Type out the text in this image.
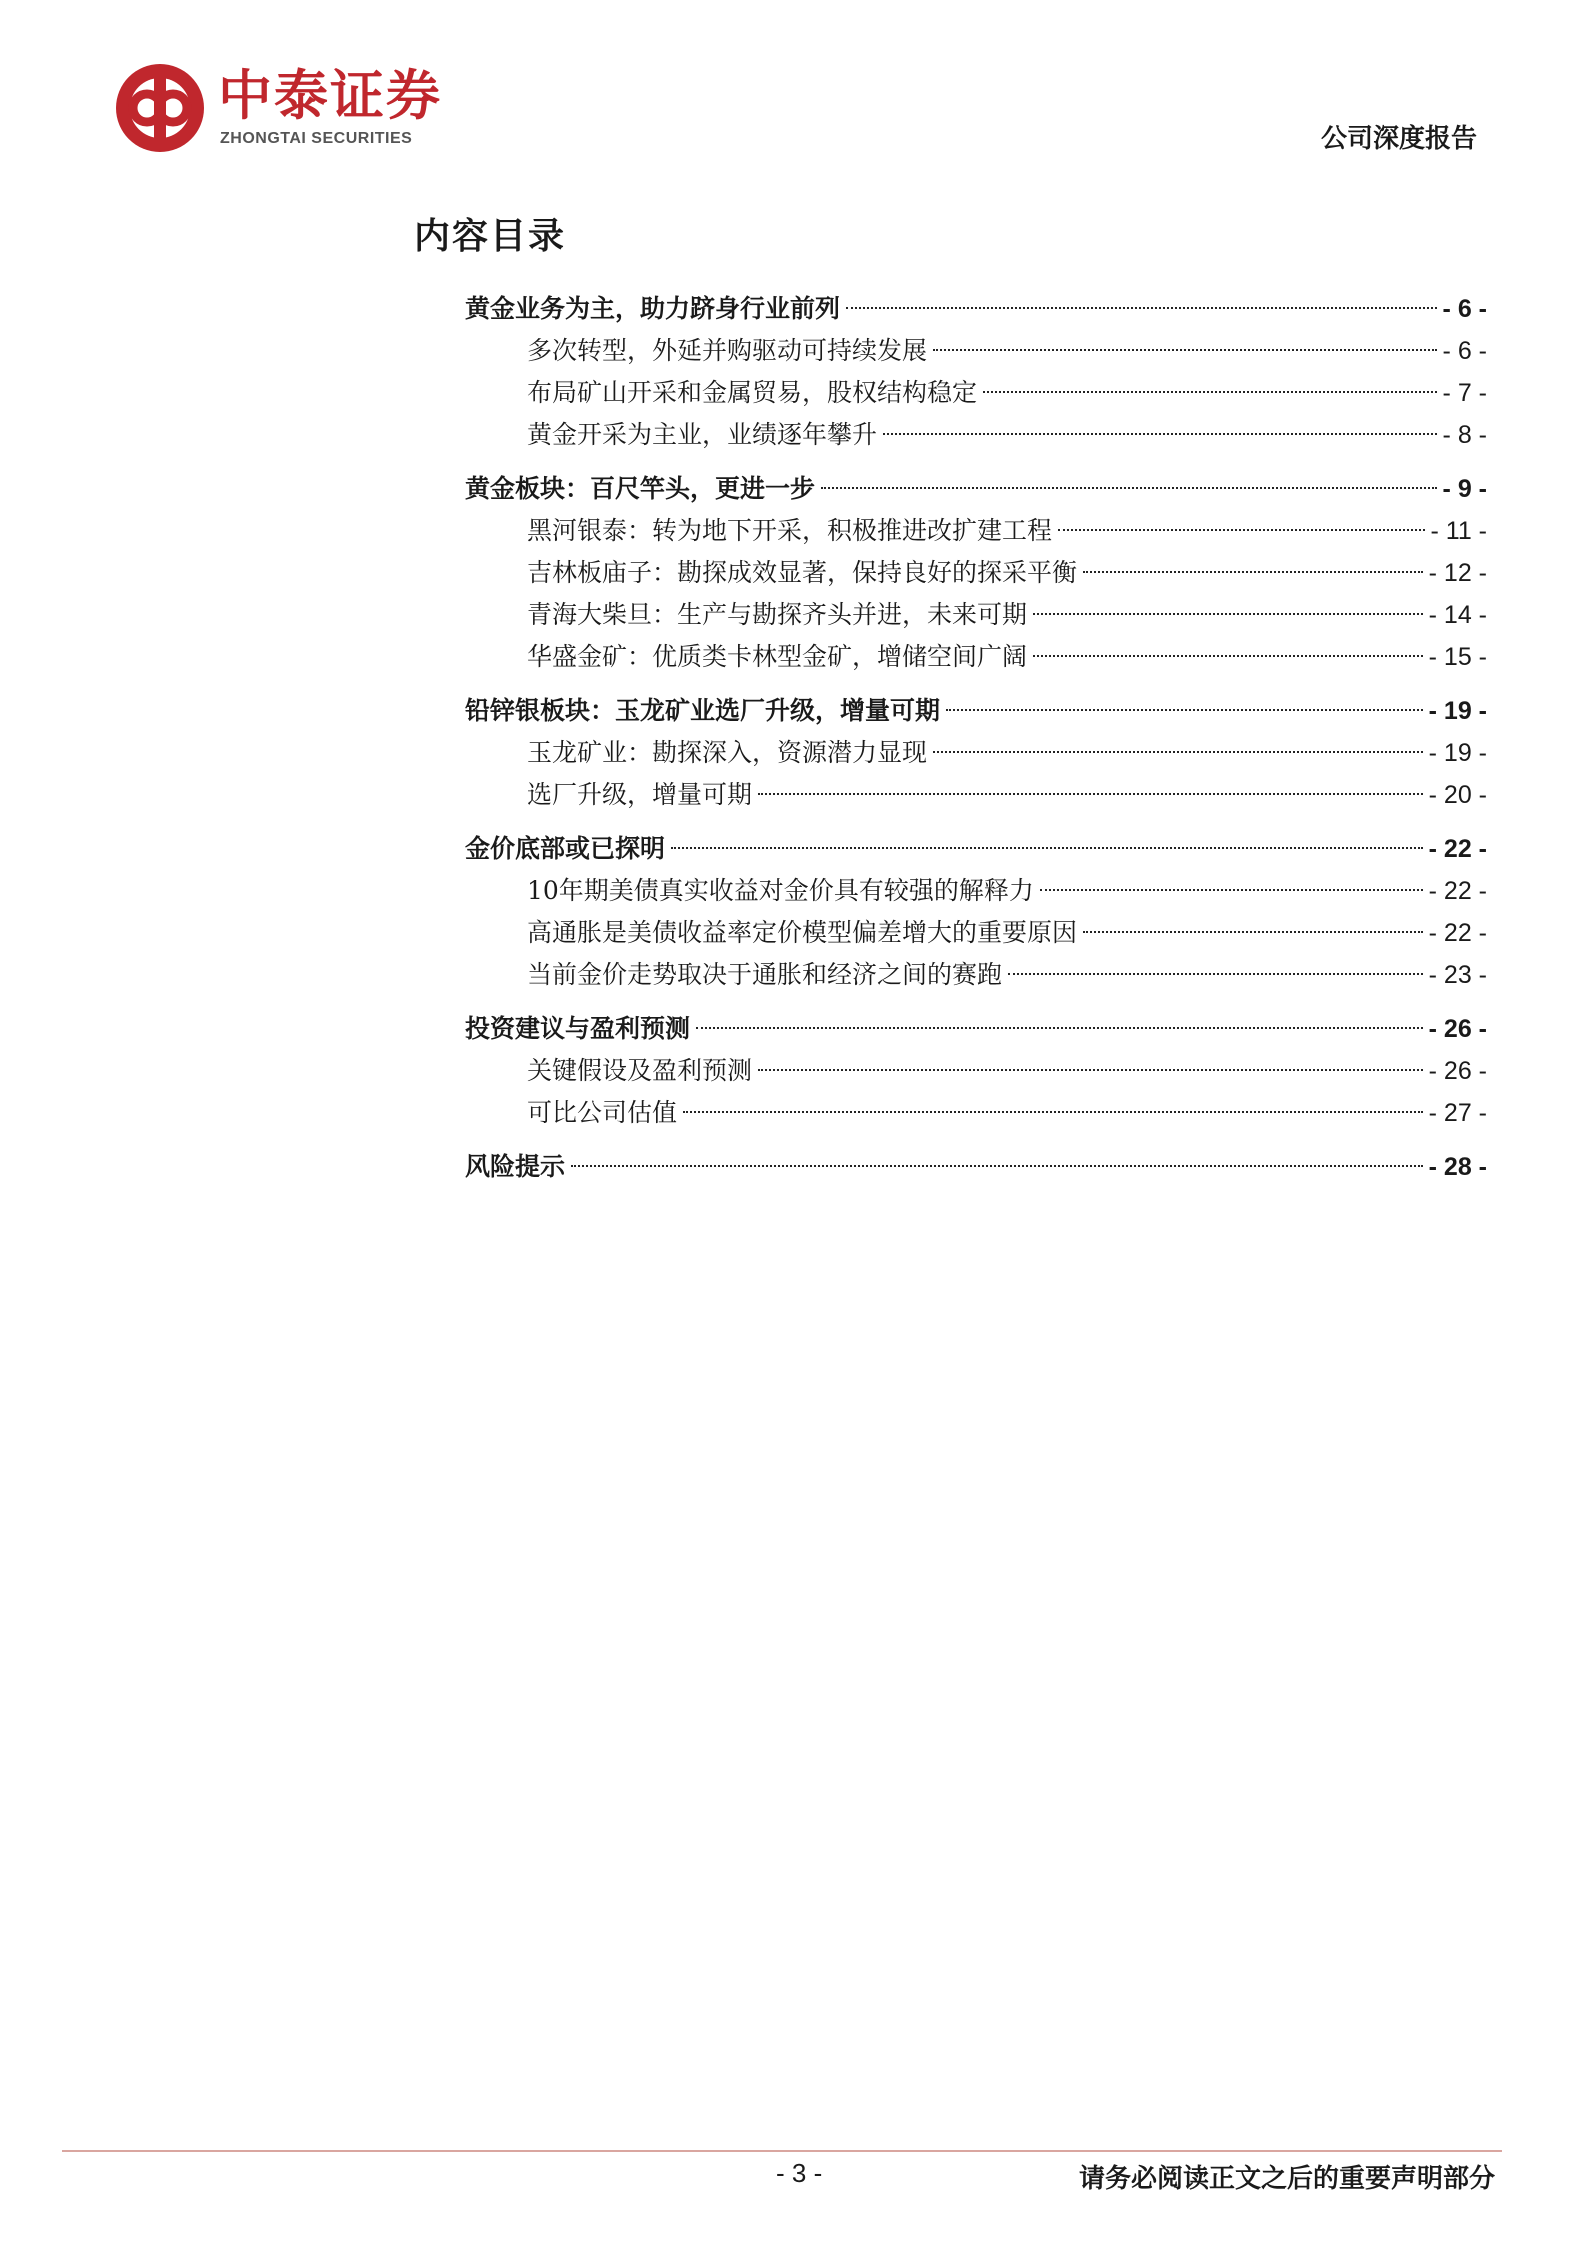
中泰证券
ZHONGTAI SECURITIES	公司深度报告
内容目录
黄金业务为主，助力跻身行业前列	- 6 -
多次转型，外延并购驱动可持续发展	- 6 -
布局矿山开采和金属贸易，股权结构稳定	- 7 -
黄金开采为主业，业绩逐年攀升	- 8 -
黄金板块：百尺竿头，更进一步	- 9 -
黑河银泰：转为地下开采，积极推进改扩建工程	- 11 -
吉林板庙子：勘探成效显著，保持良好的探采平衡	- 12 -
青海大柴旦：生产与勘探齐头并进，未来可期	- 14 -
华盛金矿：优质类卡林型金矿，增储空间广阔	- 15 -
铅锌银板块：玉龙矿业选厂升级，增量可期	- 19 -
玉龙矿业：勘探深入，资源潜力显现	- 19 -
选厂升级，增量可期	- 20 -
金价底部或已探明	- 22 -
10年期美债真实收益对金价具有较强的解释力	- 22 -
高通胀是美债收益率定价模型偏差增大的重要原因	- 22 -
当前金价走势取决于通胀和经济之间的赛跑	- 23 -
投资建议与盈利预测	- 26 -
关键假设及盈利预测	- 26 -
可比公司估值	- 27 -
风险提示	- 28 -
- 3 -	请务必阅读正文之后的重要声明部分
